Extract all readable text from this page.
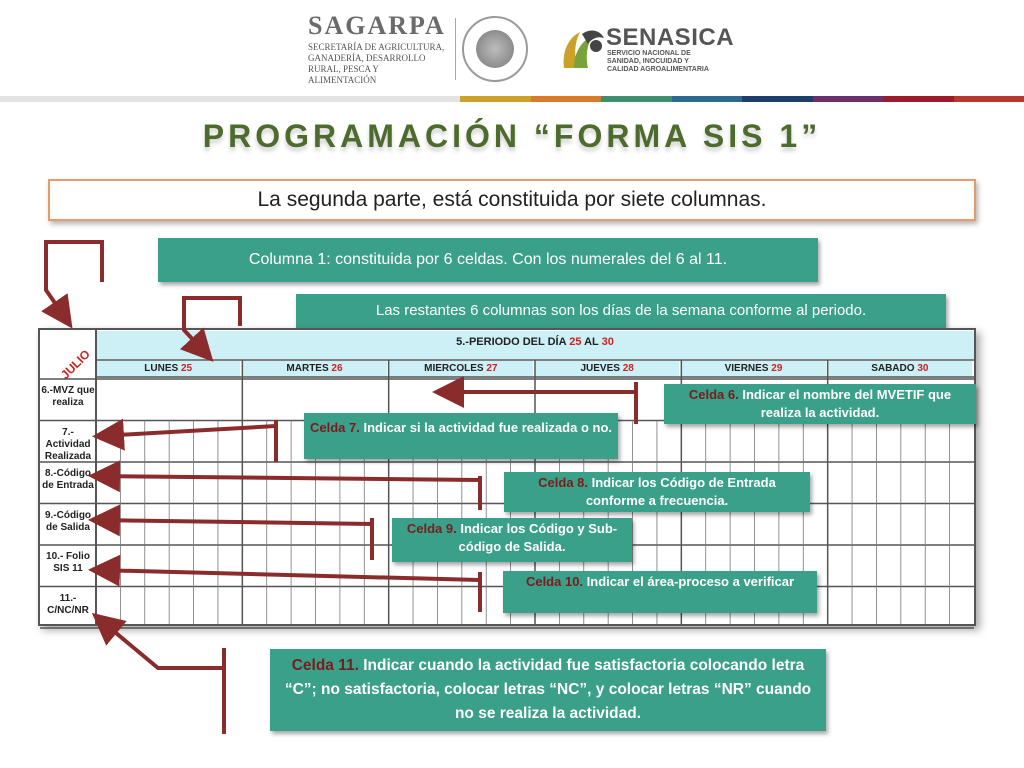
SAGARPA
SECRETARÍA DE AGRICULTURA, GANADERÍA, DESARROLLO RURAL, PESCA Y ALIMENTACIÓN
SENASICA
SERVICIO NACIONAL DE SANIDAD, INOCUIDAD Y CALIDAD AGROALIMENTARIA
PROGRAMACIÓN “FORMA SIS 1”
La segunda parte, está constituida por siete columnas.
Columna 1: constituida por 6 celdas. Con los numerales del 6 al 11.
Las restantes 6 columnas son los días de la semana conforme al periodo.
5.-PERIODO DEL DÍA 25 AL 30
JULIO	LUNES 25	MARTES 26	MIERCOLES 27	JUEVES 28	VIERNES 29	SABADO 30
6.-MVZ que realiza
7.-Actividad Realizada
8.-Código de Entrada
9.-Código de Salida
10.- Folio SIS 11
11.-C/NC/NR
Celda 6. Indicar el nombre del MVETIF que realiza la actividad.
Celda 7. Indicar si la actividad fue realizada o no.
Celda 8. Indicar los Código de Entrada conforme a frecuencia.
Celda 9. Indicar los Código y Sub-código de Salida.
Celda 10. Indicar el área-proceso a verificar
Celda 11. Indicar cuando la actividad fue satisfactoria colocando letra “C”; no satisfactoria, colocar letras “NC”, y colocar letras “NR” cuando no se realiza la actividad.
